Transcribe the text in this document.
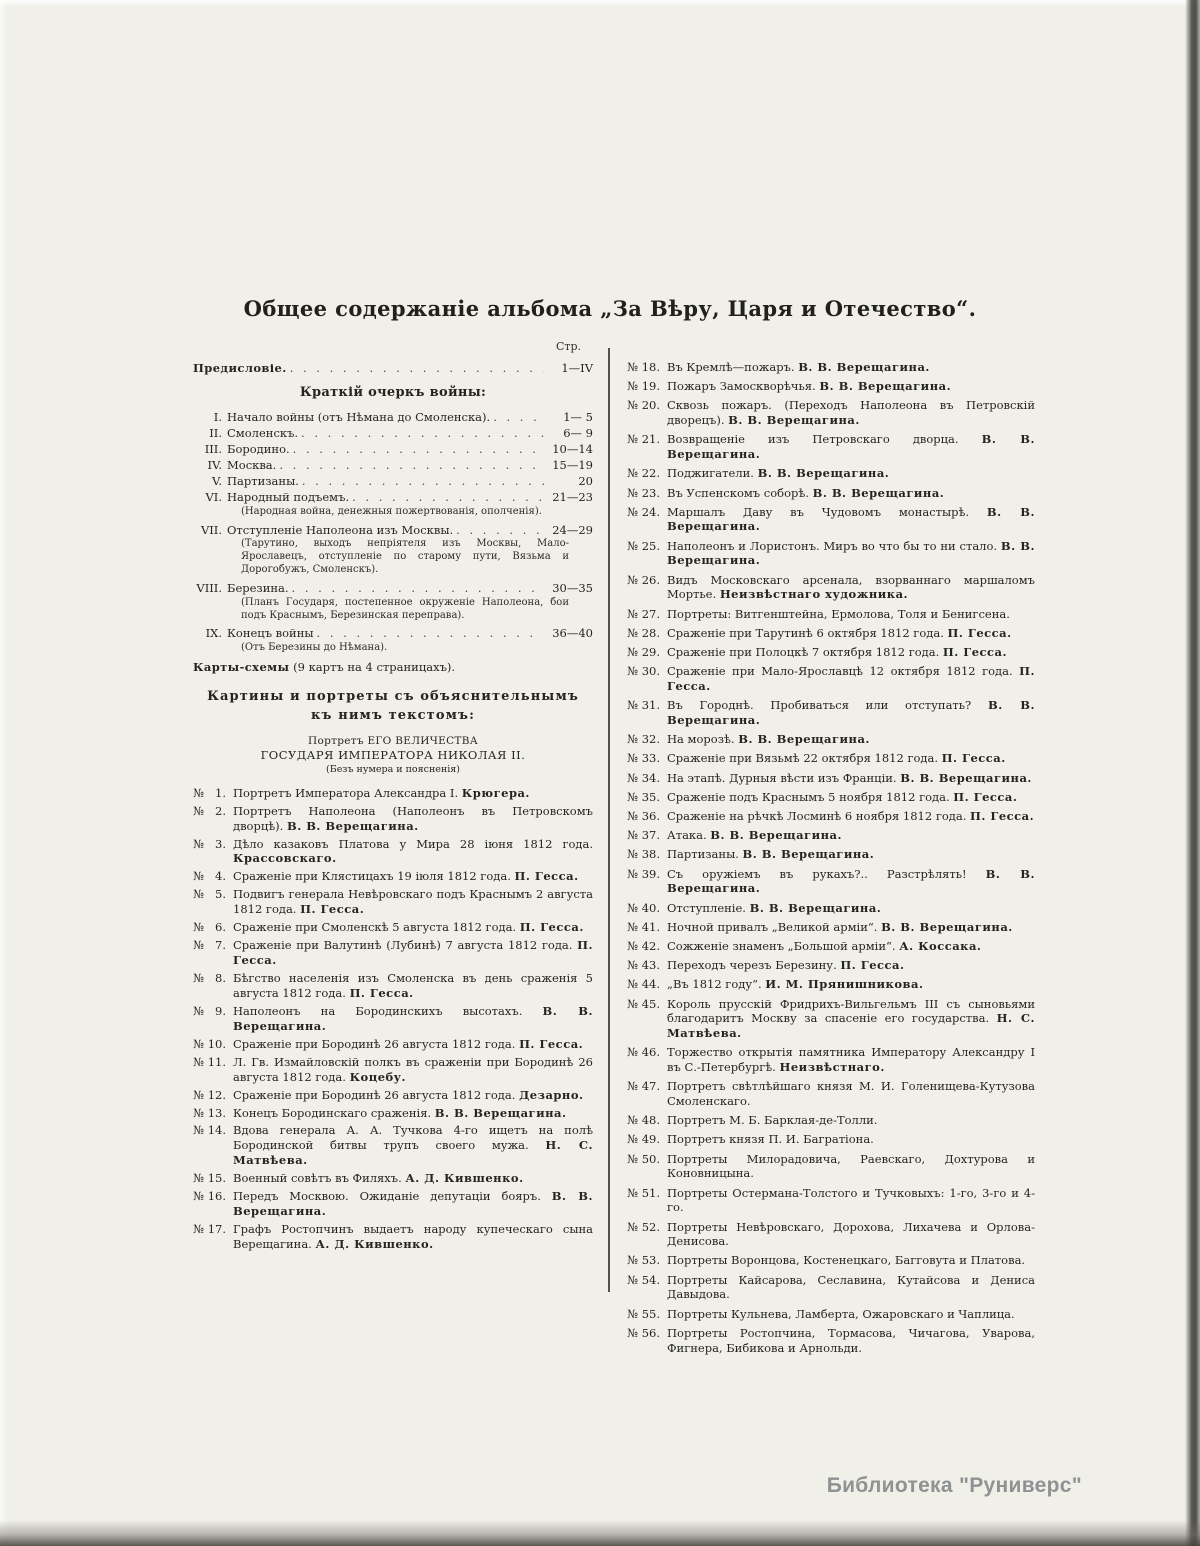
Общее содержаніе альбома „За Вѣру, Царя и Отечество“.
Стр.
Предисловіе. . . .	1—IV
Краткій очеркъ войны:
I. Начало войны (отъ Нѣмана до Смоленска). . . .	1— 5
II. Смоленскъ. . . .	6— 9
III. Бородино. . . .	10—14
IV. Москва. . . .	15—19
V. Партизаны. . . .	20
VI. Народный подъемъ. . . .	21—23
(Народная война, денежныя пожертвованія, ополченія).
VII. Отступленіе Наполеона изъ Москвы. . . .	24—29
(Тарутино, выходъ непріятеля изъ Москвы, Мало-Ярославецъ, отступленіе по старому пути, Вязьма и Дорогобужъ, Смоленскъ).
VIII. Березина. . . .	30—35
(Планъ Государя, постепенное окруженіе Наполеона, бои подъ Краснымъ, Березинская переправа).
IX. Конецъ войны . . .	36—40
(Отъ Березины до Нѣмана).
Карты-схемы (9 картъ на 4 страницахъ).
Картины и портреты съ объяснительнымъ къ нимъ текстомъ:
Портретъ ЕГО ВЕЛИЧЕСТВА
ГОСУДАРЯ ИМПЕРАТОРА НИКОЛАЯ II.
(Безъ нумера и поясненія)
№ 1. Портретъ Императора Александра I. Крюгера.
№ 2. Портретъ Наполеона (Наполеонъ въ Петровскомъ дворцѣ). В. В. Верещагина.
№ 3. Дѣло казаковъ Платова у Мира 28 іюня 1812 года. Крассовскаго.
№ 4. Сраженіе при Клястицахъ 19 іюля 1812 года. П. Гесса.
№ 5. Подвигъ генерала Невѣровскаго подъ Краснымъ 2 августа 1812 года. П. Гесса.
№ 6. Сраженіе при Смоленскѣ 5 августа 1812 года. П. Гесса.
№ 7. Сраженіе при Валутинѣ (Лубинѣ) 7 августа 1812 года. П. Гесса.
№ 8. Бѣгство населенія изъ Смоленска въ день сраженія 5 августа 1812 года. П. Гесса.
№ 9. Наполеонъ на Бородинскихъ высотахъ. В. В. Верещагина.
№ 10. Сраженіе при Бородинѣ 26 августа 1812 года. П. Гесса.
№ 11. Л. Гв. Измайловскій полкъ въ сраженіи при Бородинѣ 26 августа 1812 года. Коцебу.
№ 12. Сраженіе при Бородинѣ 26 августа 1812 года. Дезарно.
№ 13. Конецъ Бородинскаго сраженія. В. В. Верещагина.
№ 14. Вдова генерала А. А. Тучкова 4-го ищетъ на полѣ Бородинской битвы трупъ своего мужа. Н. С. Матвѣева.
№ 15. Военный совѣтъ въ Филяхъ. А. Д. Кившенко.
№ 16. Передъ Москвою. Ожиданіе депутаціи бояръ. В. В. Верещагина.
№ 17. Графъ Ростопчинъ выдаетъ народу купеческаго сына Верещагина. А. Д. Кившенко.
№ 18. Въ Кремлѣ—пожаръ. В. В. Верещагина.
№ 19. Пожаръ Замоскворѣчья. В. В. Верещагина.
№ 20. Сквозь пожаръ. (Переходъ Наполеона въ Петровскій дворецъ). В. В. Верещагина.
№ 21. Возвращеніе изъ Петровскаго дворца. В. В. Верещагина.
№ 22. Поджигатели. В. В. Верещагина.
№ 23. Въ Успенскомъ соборѣ. В. В. Верещагина.
№ 24. Маршалъ Даву въ Чудовомъ монастырѣ. В. В. Верещагина.
№ 25. Наполеонъ и Лористонъ. Миръ во что бы то ни стало. В. В. Верещагина.
№ 26. Видъ Московскаго арсенала, взорваннаго маршаломъ Мортье. Неизвѣстнаго художника.
№ 27. Портреты: Витгенштейна, Ермолова, Толя и Бенигсена.
№ 28. Сраженіе при Тарутинѣ 6 октября 1812 года. П. Гесса.
№ 29. Сраженіе при Полоцкѣ 7 октября 1812 года. П. Гесса.
№ 30. Сраженіе при Мало-Ярославцѣ 12 октября 1812 года. П. Гесса.
№ 31. Въ Городнѣ. Пробиваться или отступать? В. В. Верещагина.
№ 32. На морозѣ. В. В. Верещагина.
№ 33. Сраженіе при Вязьмѣ 22 октября 1812 года. П. Гесса.
№ 34. На этапѣ. Дурныя вѣсти изъ Франціи. В. В. Верещагина.
№ 35. Сраженіе подъ Краснымъ 5 ноября 1812 года. П. Гесса.
№ 36. Сраженіе на рѣчкѣ Лосминѣ 6 ноября 1812 года. П. Гесса.
№ 37. Атака. В. В. Верещагина.
№ 38. Партизаны. В. В. Верещагина.
№ 39. Съ оружіемъ въ рукахъ?.. Разстрѣлять! В. В. Верещагина.
№ 40. Отступленіе. В. В. Верещагина.
№ 41. Ночной привалъ „Великой арміи“. В. В. Верещагина.
№ 42. Сожженіе знаменъ „Большой арміи“. А. Коссака.
№ 43. Переходъ черезъ Березину. П. Гесса.
№ 44. „Въ 1812 году“. И. М. Прянишникова.
№ 45. Король прусскій Фридрихъ-Вильгельмъ III съ сыновьями благодаритъ Москву за спасеніе его государства. Н. С. Матвѣева.
№ 46. Торжество открытія памятника Императору Александру I въ С.-Петербургѣ. Неизвѣстнаго.
№ 47. Портретъ свѣтлѣйшаго князя М. И. Голенищева-Кутузова Смоленскаго.
№ 48. Портретъ М. Б. Барклая-де-Толли.
№ 49. Портретъ князя П. И. Багратіона.
№ 50. Портреты Милорадовича, Раевскаго, Дохтурова и Коновницына.
№ 51. Портреты Остермана-Толстого и Тучковыхъ: 1-го, 3-го и 4-го.
№ 52. Портреты Невѣровскаго, Дорохова, Лихачева и Орлова-Денисова.
№ 53. Портреты Воронцова, Костенецкаго, Багговута и Платова.
№ 54. Портреты Кайсарова, Сеславина, Кутайсова и Дениса Давыдова.
№ 55. Портреты Кульнева, Ламберта, Ожаровскаго и Чаплица.
№ 56. Портреты Ростопчина, Тормасова, Чичагова, Уварова, Фигнера, Бибикова и Арнольди.
Библиотека "Руниверс"
